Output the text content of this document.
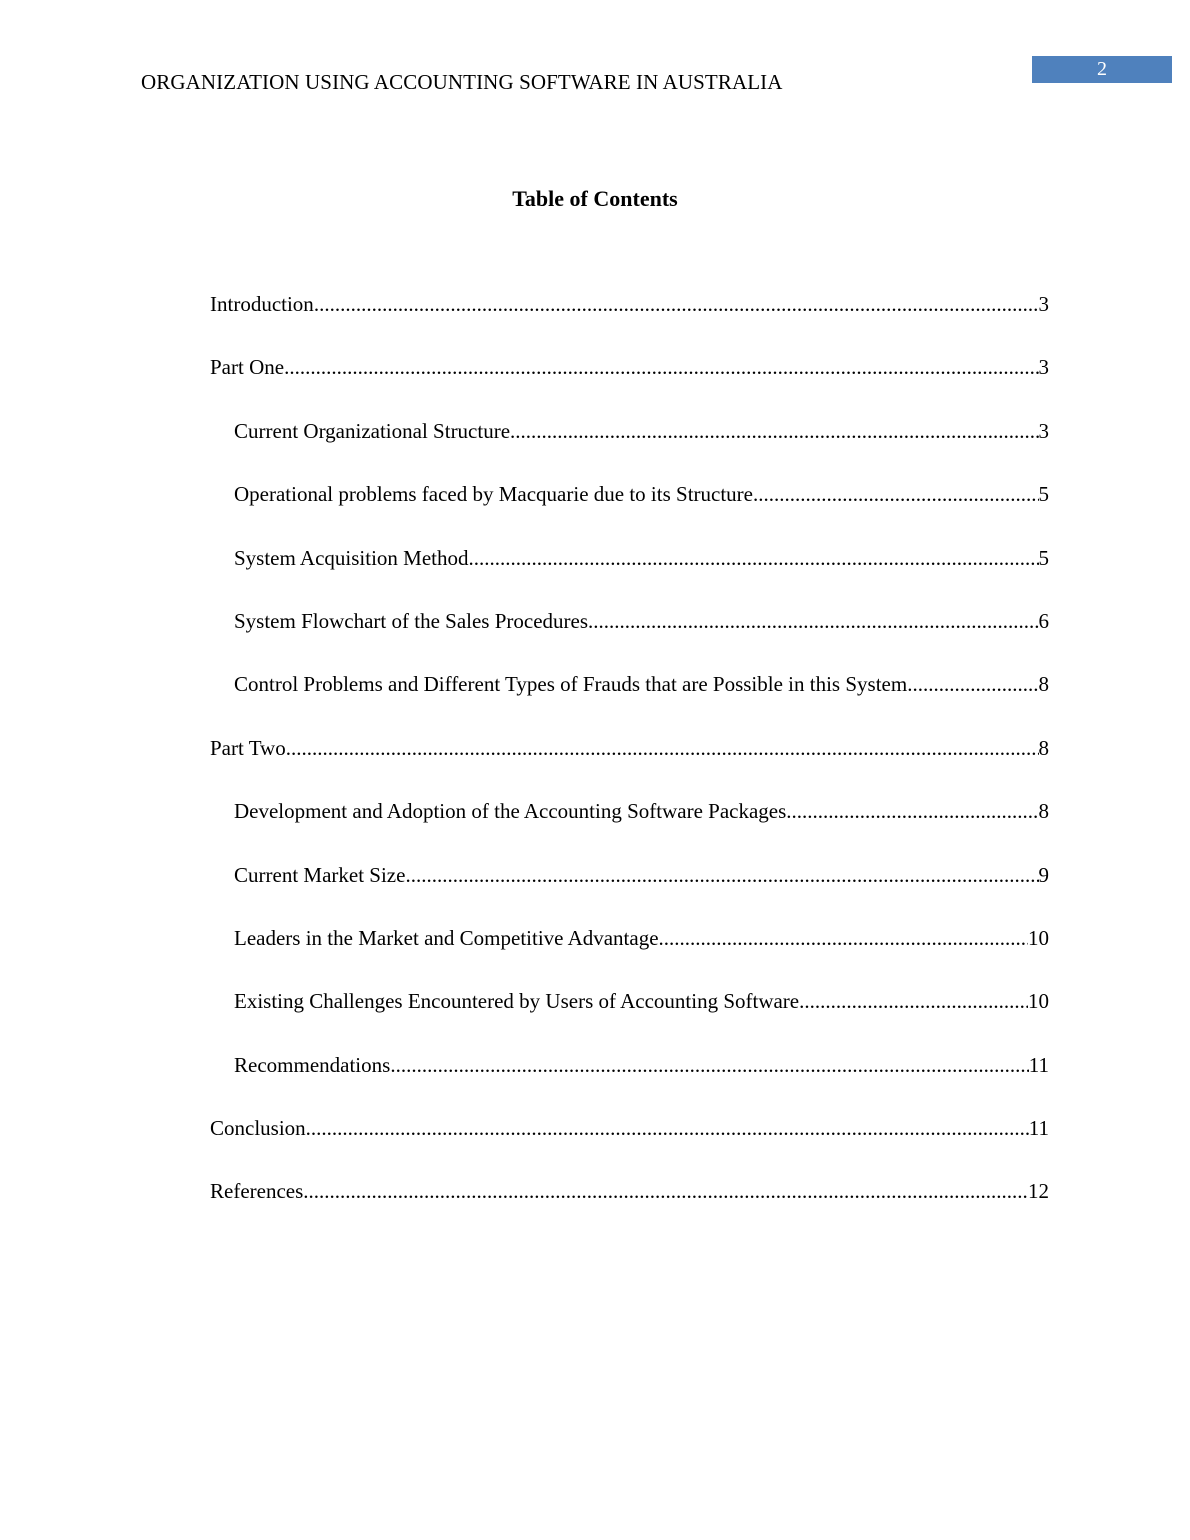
ORGANIZATION USING ACCOUNTING SOFTWARE IN AUSTRALIA
2
Table of Contents
Introduction .....	3
Part One .....	3
Current Organizational Structure .....	3
Operational problems faced by Macquarie due to its Structure .....	5
System Acquisition Method .....	5
System Flowchart of the Sales Procedures .....	6
Control Problems and Different Types of Frauds that are Possible in this System .....	8
Part Two .....	8
Development and Adoption of the Accounting Software Packages .....	8
Current Market Size .....	9
Leaders in the Market and Competitive Advantage .....	10
Existing Challenges Encountered by Users of Accounting Software .....	10
Recommendations .....	11
Conclusion .....	11
References .....	12
